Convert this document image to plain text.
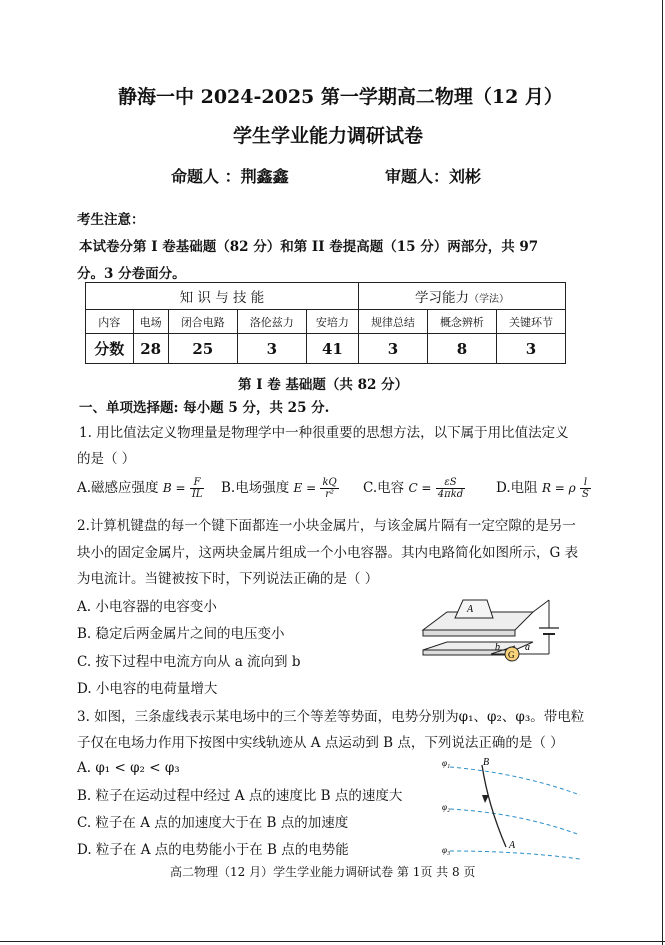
静海一中 2024-2025 第一学期高二物理（12 月）
学生学业能力调研试卷
命题人 ：荆鑫鑫	审题人：刘彬
考生注意：
本试卷分第 I 卷基础题（82 分）和第 II 卷提高题（15 分）两部分，共 97
分。3 分卷面分。
知 识 与 技 能					学习能力（学法）		
内容	电场	闭合电路	洛伦兹力	安培力	规律总结	概念辨析	关键环节
分数	28	25	3	41	3	8	3
第 I 卷 基础题（共 82 分）
一、单项选择题: 每小题 5 分，共 25 分.
1. 用比值法定义物理量是物理学中一种很重要的思想方法，以下属于用比值法定义
的是（ ）
A.磁感应强度 $B = \frac{F}{IL} B$.电场强度 $E = \frac{kQ}{\text{r²}} C$.电容 $C = \frac{\varepsilon S}{\text{4πkd}} D$.电阻 R = ρ $\frac{l}{S}$
2.计算机键盘的每一个键下面都连一小块金属片，与该金属片隔有一定空隙的是另一
块小的固定金属片，这两块金属片组成一个小电容器。其内电路简化如图所示，G 表
为电流计。当键被按下时，下列说法正确的是（ ）
A. 小电容器的电容变小
B. 稳定后两金属片之间的电压变小
C. 按下过程中电流方向从 a 流向到 b
D. 小电容的电荷量增大
A
G
b	a
3. 如图，三条虚线表示某电场中的三个等差等势面，电势分别为φ₁、φ₂、φ₃。带电粒
子仅在电场力作用下按图中实线轨迹从 A 点运动到 B 点，下列说法正确的是（ ）
A. φ₁ < φ₂ < φ₃
B. 粒子在运动过程中经过 A 点的速度比 B 点的速度大
C. 粒子在 A 点的加速度大于在 B 点的加速度
D. 粒子在 A 点的电势能小于在 B 点的电势能
φ₁
φ₂
φ₃
B
A
高二物理（12 月）学生学业能力调研试卷 第 1页 共 8 页
